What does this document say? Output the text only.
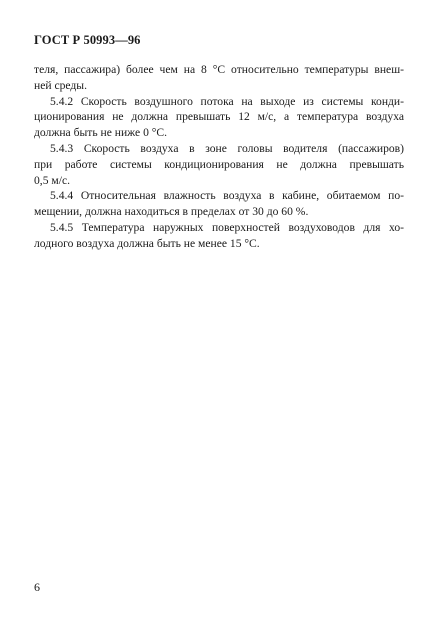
ГОСТ Р 50993—96
теля, пассажира) более чем на 8 °С относительно температуры внеш-
ней среды.
5.4.2 Скорость воздушного потока на выходе из системы конди-
ционирования не должна превышать 12 м/с, а температура воздуха
должна быть не ниже 0 °С.
5.4.3 Скорость воздуха в зоне головы водителя (пассажиров)
при работе системы кондиционирования не должна превышать
0,5 м/с.
5.4.4 Относительная влажность воздуха в кабине, обитаемом по-
мещении, должна находиться в пределах от 30 до 60 %.
5.4.5 Температура наружных поверхностей воздуховодов для хо-
лодного воздуха должна быть не менее 15 °С.
6
